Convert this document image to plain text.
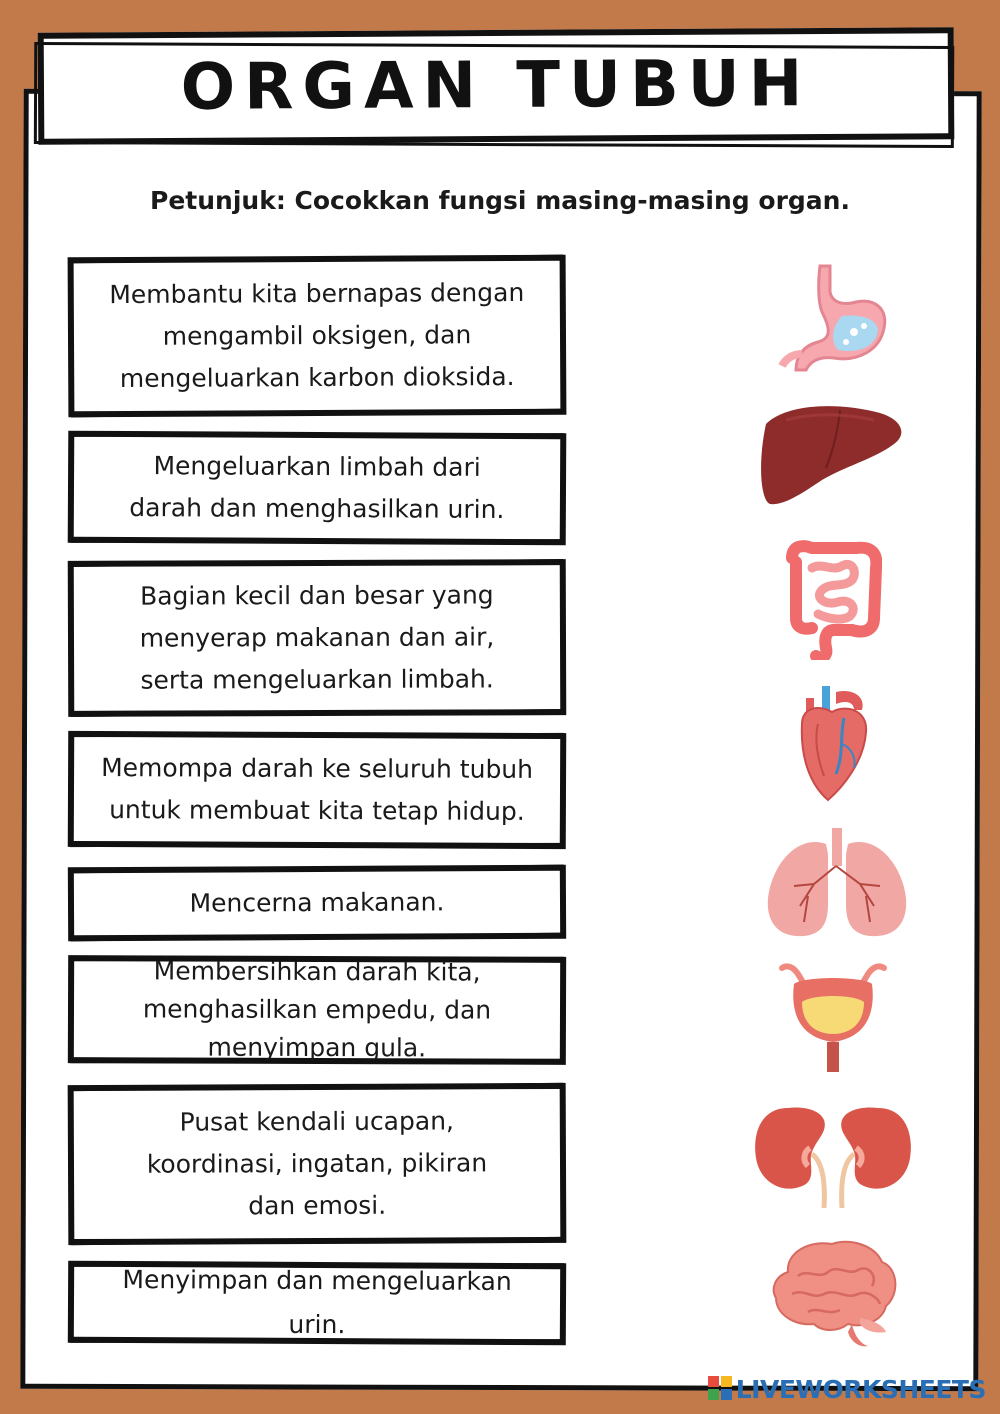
ORGAN TUBUH
Petunjuk: Cocokkan fungsi masing-masing organ.
Membantu kita bernapas dengan
mengambil oksigen, dan
mengeluarkan karbon dioksida.
Mengeluarkan limbah dari
darah dan menghasilkan urin.
Bagian kecil dan besar yang
menyerap makanan dan air,
serta mengeluarkan limbah.
Memompa darah ke seluruh tubuh
untuk membuat kita tetap hidup.
Mencerna makanan.
Membersihkan darah kita,
menghasilkan empedu, dan
menyimpan gula.
Pusat kendali ucapan,
koordinasi, ingatan, pikiran
dan emosi.
Menyimpan dan mengeluarkan
urin.
LIVEWORKSHEETS
